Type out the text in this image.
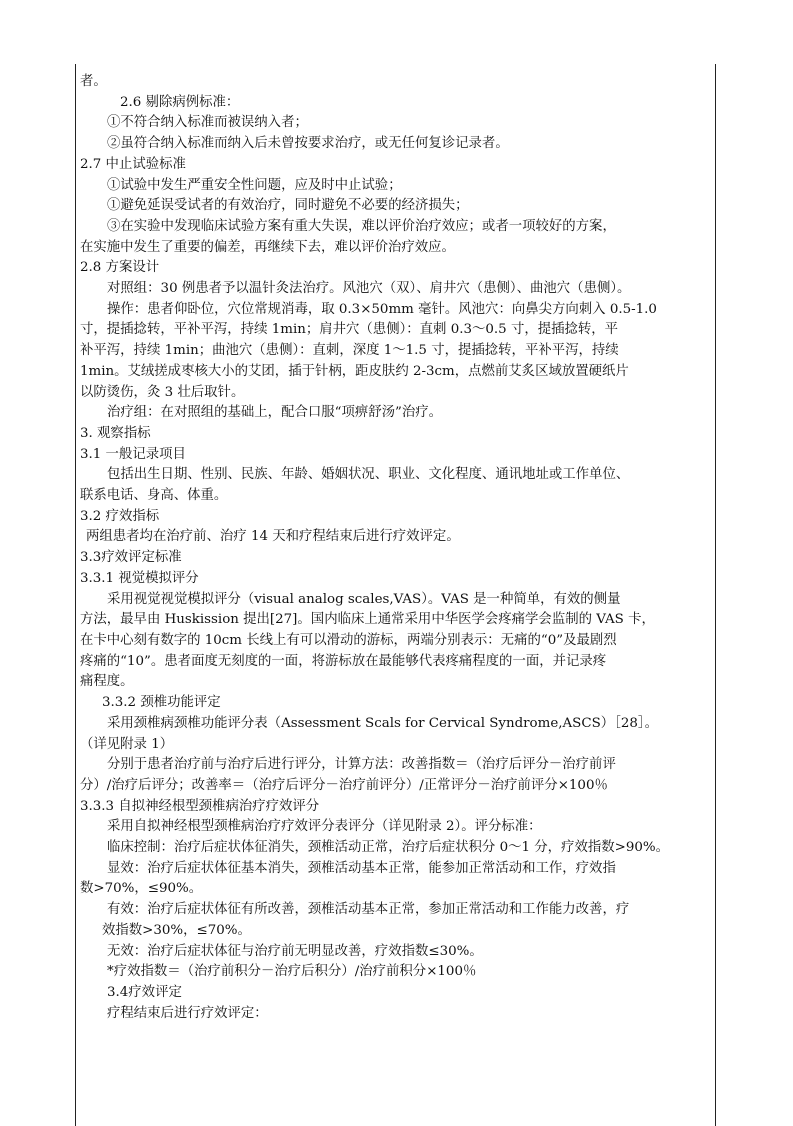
者。
2.6 剔除病例标准：
①不符合纳入标准而被误纳入者；
②虽符合纳入标准而纳入后未曾按要求治疗，或无任何复诊记录者。
2.7 中止试验标准
①试验中发生严重安全性问题，应及时中止试验；
①避免延误受试者的有效治疗，同时避免不必要的经济损失；
③在实验中发现临床试验方案有重大失误，难以评价治疗效应；或者一项较好的方案，
在实施中发生了重要的偏差，再继续下去，难以评价治疗效应。
2.8 方案设计
对照组：30 例患者予以温针灸法治疗。风池穴（双）、肩井穴（患侧）、曲池穴（患侧）。
操作：患者仰卧位，穴位常规消毒，取 0.3×50mm 毫针。风池穴：向鼻尖方向刺入 0.5-1.0
寸，提插捻转，平补平泻，持续 1min；肩井穴（患侧）：直刺 0.3～0.5 寸，提插捻转，平
补平泻，持续 1min；曲池穴（患侧）：直刺，深度 1～1.5 寸，提插捻转，平补平泻，持续
1min。艾绒搓成枣核大小的艾团，插于针柄，距皮肤约 2-3cm，点燃前艾炙区域放置硬纸片
以防烫伤，灸 3 壮后取针。
治疗组：在对照组的基础上，配合口服“项痹舒汤”治疗。
3. 观察指标
3.1 一般记录项目
包括出生日期、性别、民族、年龄、婚姻状况、职业、文化程度、通讯地址或工作单位、
联系电话、身高、体重。
3.2 疗效指标
两组患者均在治疗前、治疗 14 天和疗程结束后进行疗效评定。
3.3疗效评定标准
3.3.1 视觉模拟评分
采用视觉视觉模拟评分（visual analog scales,VAS）。VAS 是一种简单，有效的侧量
方法，最早由 Huskission 提出[27]。国内临床上通常采用中华医学会疼痛学会监制的 VAS 卡，
在卡中心刻有数字的 10cm 长线上有可以滑动的游标，两端分别表示：无痛的“0”及最剧烈
疼痛的“10”。患者面度无刻度的一面，将游标放在最能够代表疼痛程度的一面，并记录疼
痛程度。
3.3.2 颈椎功能评定
采用颈椎病颈椎功能评分表（Assessment Scals for Cervical Syndrome,ASCS）［28］。
（详见附录 1）
分别于患者治疗前与治疗后进行评分，计算方法：改善指数＝（治疗后评分－治疗前评
分）/治疗后评分；改善率＝（治疗后评分－治疗前评分）/正常评分－治疗前评分×100％
3.3.3 自拟神经根型颈椎病治疗疗效评分
采用自拟神经根型颈椎病治疗疗效评分表评分（详见附录 2）。评分标准：
临床控制：治疗后症状体征消失，颈椎活动正常，治疗后症状积分 0～1 分，疗效指数>90%。
显效：治疗后症状体征基本消失，颈椎活动基本正常，能参加正常活动和工作，疗效指
数>70%，≤90%。
有效：治疗后症状体征有所改善，颈椎活动基本正常，参加正常活动和工作能力改善，疗
效指数>30%，≤70%。
无效：治疗后症状体征与治疗前无明显改善，疗效指数≤30%。
*疗效指数＝（治疗前积分－治疗后积分）/治疗前积分×100％
3.4疗效评定
疗程结束后进行疗效评定：
